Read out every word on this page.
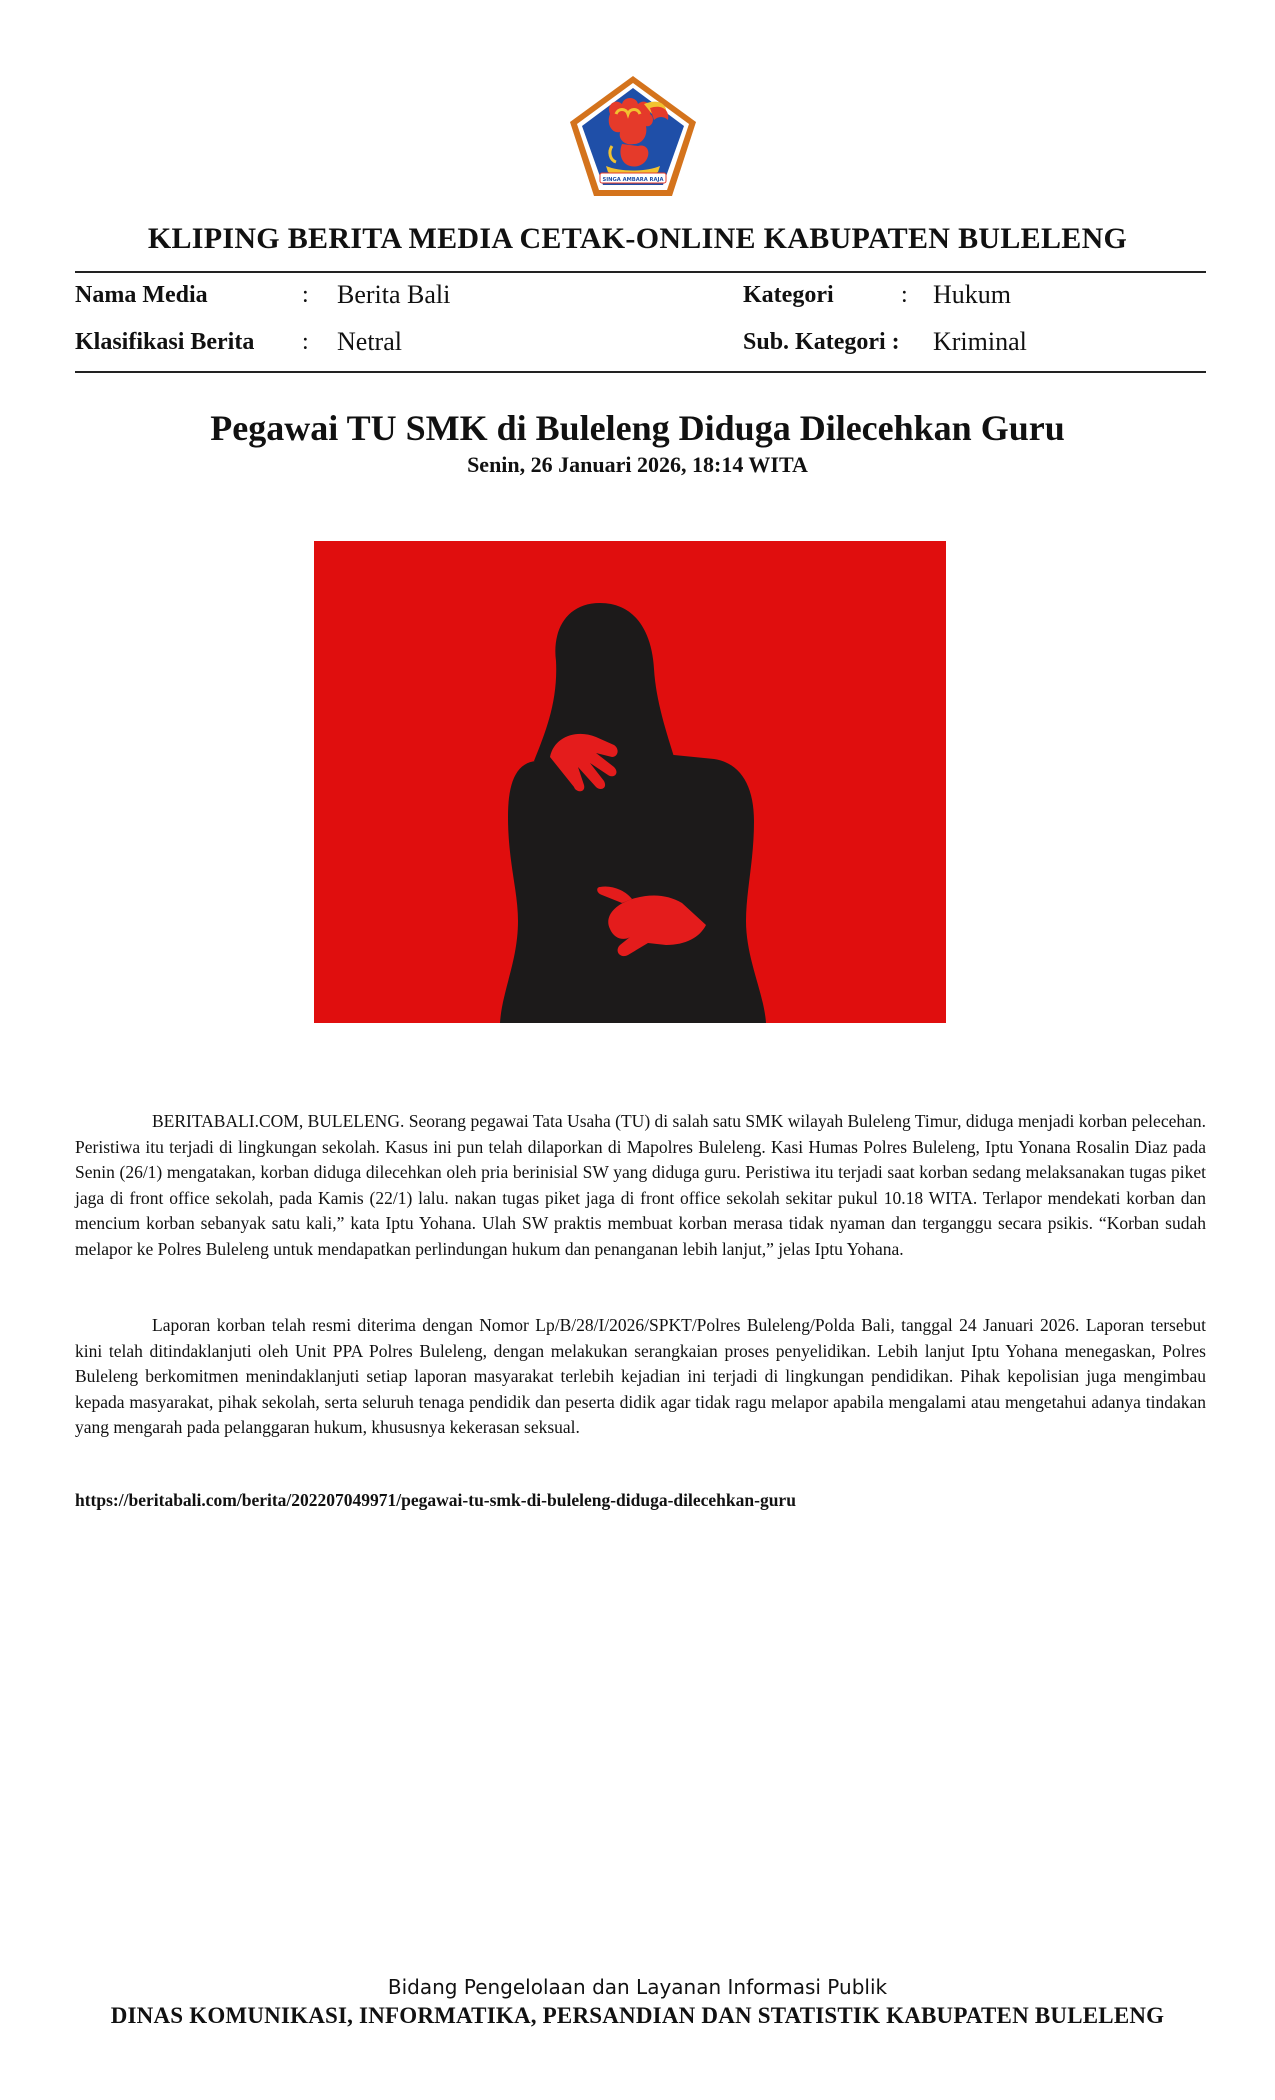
SINGA AMBARA RAJA
KLIPING BERITA MEDIA CETAK-ONLINE KABUPATEN BULELENG
Nama Media	: Berita Bali	Kategori	: Hukum
Klasifikasi Berita : Netral	Sub. Kategori : Kriminal
Pegawai TU SMK di Buleleng Diduga Dilecehkan Guru
Senin, 26 Januari 2026, 18:14 WITA

BERITABALI.COM, BULELENG. Seorang pegawai Tata Usaha (TU) di salah satu SMK wilayah Buleleng Timur, diduga menjadi korban pelecehan. Peristiwa itu terjadi di lingkungan sekolah. Kasus ini pun telah dilaporkan di Mapolres Buleleng. Kasi Humas Polres Buleleng, Iptu Yonana Rosalin Diaz pada Senin (26/1) mengatakan, korban diduga dilecehkan oleh pria berinisial SW yang diduga guru. Peristiwa itu terjadi saat korban sedang melaksanakan tugas piket jaga di front office sekolah, pada Kamis (22/1) lalu. nakan tugas piket jaga di front office sekolah sekitar pukul 10.18 WITA. Terlapor mendekati korban dan mencium korban sebanyak satu kali,” kata Iptu Yohana. Ulah SW praktis membuat korban merasa tidak nyaman dan terganggu secara psikis. “Korban sudah melapor ke Polres Buleleng untuk mendapatkan perlindungan hukum dan penanganan lebih lanjut,” jelas Iptu Yohana.

Laporan korban telah resmi diterima dengan Nomor Lp/B/28/I/2026/SPKT/Polres Buleleng/Polda Bali, tanggal 24 Januari 2026. Laporan tersebut kini telah ditindaklanjuti oleh Unit PPA Polres Buleleng, dengan melakukan serangkaian proses penyelidikan. Lebih lanjut Iptu Yohana menegaskan, Polres Buleleng berkomitmen menindaklanjuti setiap laporan masyarakat terlebih kejadian ini terjadi di lingkungan pendidikan. Pihak kepolisian juga mengimbau kepada masyarakat, pihak sekolah, serta seluruh tenaga pendidik dan peserta didik agar tidak ragu melapor apabila mengalami atau mengetahui adanya tindakan yang mengarah pada pelanggaran hukum, khususnya kekerasan seksual.

https://beritabali.com/berita/202207049971/pegawai-tu-smk-di-buleleng-diduga-dilecehkan-guru
Bidang Pengelolaan dan Layanan Informasi Publik
DINAS KOMUNIKASI, INFORMATIKA, PERSANDIAN DAN STATISTIK KABUPATEN BULELENG
